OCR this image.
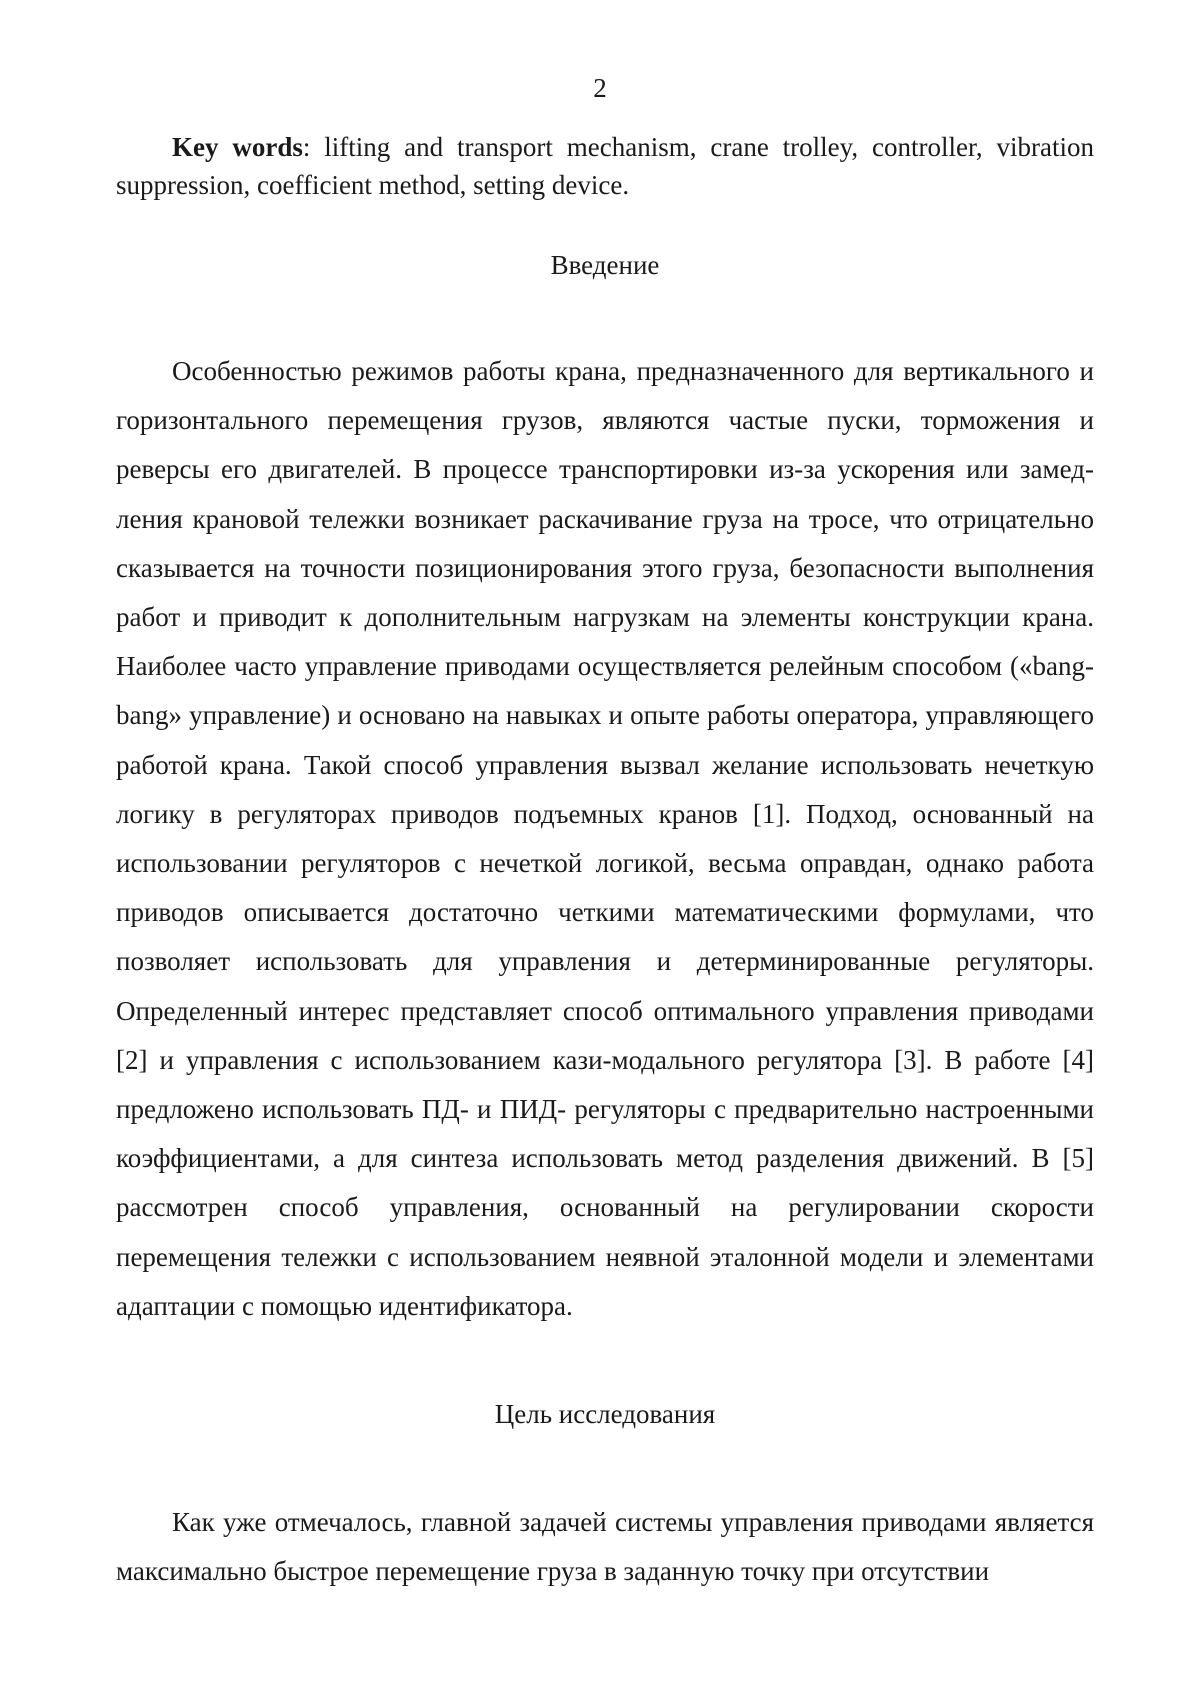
2

Key words: lifting and transport mechanism, crane trolley, controller, vibration suppression, coefficient method, setting device.

Введение

Особенностью режимов работы крана, предназначенного для вертикального и горизонтального перемещения грузов, являются частые пуски, торможения и реверсы его двигателей. В процессе транспортировки из-за ускорения или замедления крановой тележки возникает раскачивание груза на тросе, что отрицательно сказывается на точности позиционирования этого груза, безопасности выполнения работ и приводит к дополнительным нагрузкам на элементы конструкции крана. Наиболее часто управление приводами осуществляется релейным способом («bang-bang» управление) и основано на навыках и опыте работы оператора, управляющего работой крана. Такой способ управления вызвал желание использовать нечеткую логику в регуляторах приводов подъемных кранов [1]. Подход, основанный на использовании регуляторов с нечеткой логикой, весьма оправдан, однако работа приводов описывается достаточно четкими математическими формулами, что позволяет использовать для управления и детерминированные регуляторы. Определенный интерес представляет способ оптимального управления приводами [2] и управления с использованием кази-модального регулятора [3]. В работе [4] предложено использовать ПД- и ПИД- регуляторы с предварительно настроенными коэффициентами, а для синтеза использовать метод разделения движений. В [5] рассмотрен способ управления, основанный на регулировании скорости перемещения тележки с использованием неявной эталонной модели и элементами адаптации с помощью идентификатора.

Цель исследования

Как уже отмечалось, главной задачей системы управления приводами является максимально быстрое перемещение груза в заданную точку при отсутствии
